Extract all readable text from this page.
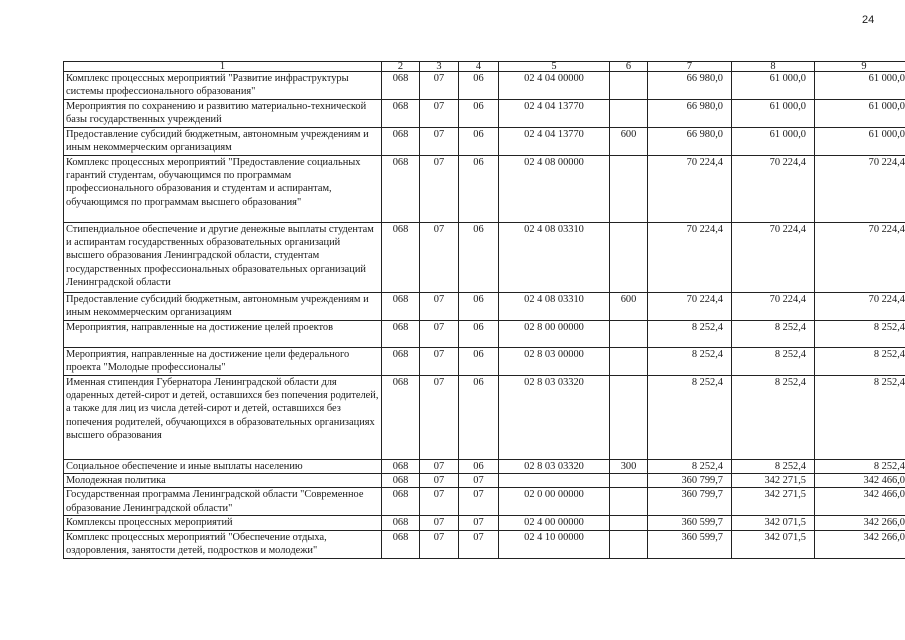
24
1	2	3	4	5	6	7	8	9
Комплекс процессных мероприятий "Развитие инфраструктуры системы профессионального образования"	068	07	06	02 4 04 00000		66 980,0	61 000,0	61 000,0
Мероприятия по сохранению и развитию материально-технической базы государственных учреждений	068	07	06	02 4 04 13770		66 980,0	61 000,0	61 000,0
Предоставление субсидий бюджетным, автономным учреждениям и иным некоммерческим организациям	068	07	06	02 4 04 13770	600	66 980,0	61 000,0	61 000,0
Комплекс процессных мероприятий "Предоставление социальных гарантий студентам, обучающимся по программам профессионального образования и студентам и аспирантам, обучающимся по программам высшего образования"	068	07	06	02 4 08 00000		70 224,4	70 224,4	70 224,4
Стипендиальное обеспечение и другие денежные выплаты студентам и аспирантам государственных образовательных организаций высшего образования Ленинградской области, студентам государственных профессиональных образовательных организаций Ленинградской области	068	07	06	02 4 08 03310		70 224,4	70 224,4	70 224,4
Предоставление субсидий бюджетным, автономным учреждениям и иным некоммерческим организациям	068	07	06	02 4 08 03310	600	70 224,4	70 224,4	70 224,4
Мероприятия, направленные на достижение целей проектов	068	07	06	02 8 00 00000		8 252,4	8 252,4	8 252,4
Мероприятия, направленные на достижение цели федерального проекта "Молодые профессионалы"	068	07	06	02 8 03 00000		8 252,4	8 252,4	8 252,4
Именная стипендия Губернатора Ленинградской области для одаренных детей-сирот и детей, оставшихся без попечения родителей, а также для лиц из числа детей-сирот и детей, оставшихся без попечения родителей, обучающихся в образовательных организациях высшего образования	068	07	06	02 8 03 03320		8 252,4	8 252,4	8 252,4
Социальное обеспечение и иные выплаты населению	068	07	06	02 8 03 03320	300	8 252,4	8 252,4	8 252,4
Молодежная политика	068	07	07			360 799,7	342 271,5	342 466,0
Государственная программа Ленинградской области "Современное образование Ленинградской области"	068	07	07	02 0 00 00000		360 799,7	342 271,5	342 466,0
Комплексы процессных мероприятий	068	07	07	02 4 00 00000		360 599,7	342 071,5	342 266,0
Комплекс процессных мероприятий "Обеспечение отдыха, оздоровления, занятости детей, подростков и молодежи"	068	07	07	02 4 10 00000		360 599,7	342 071,5	342 266,0
